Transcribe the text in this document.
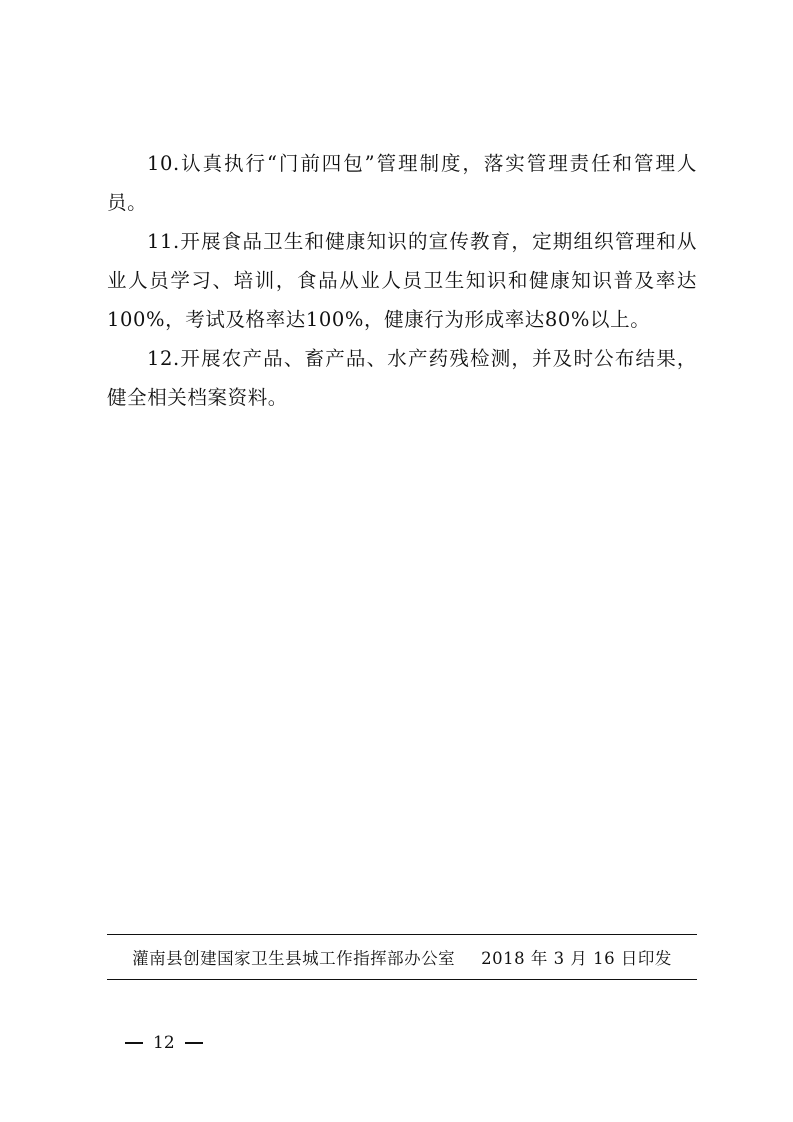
10.认真执行“门前四包”管理制度，落实管理责任和管理人员。

11.开展食品卫生和健康知识的宣传教育，定期组织管理和从业人员学习、培训，食品从业人员卫生知识和健康知识普及率达100%，考试及格率达100%，健康行为形成率达80%以上。

12.开展农产品、畜产品、水产药残检测，并及时公布结果，健全相关档案资料。

灌南县创建国家卫生县城工作指挥部办公室 2018 年 3 月 16 日印发
12
